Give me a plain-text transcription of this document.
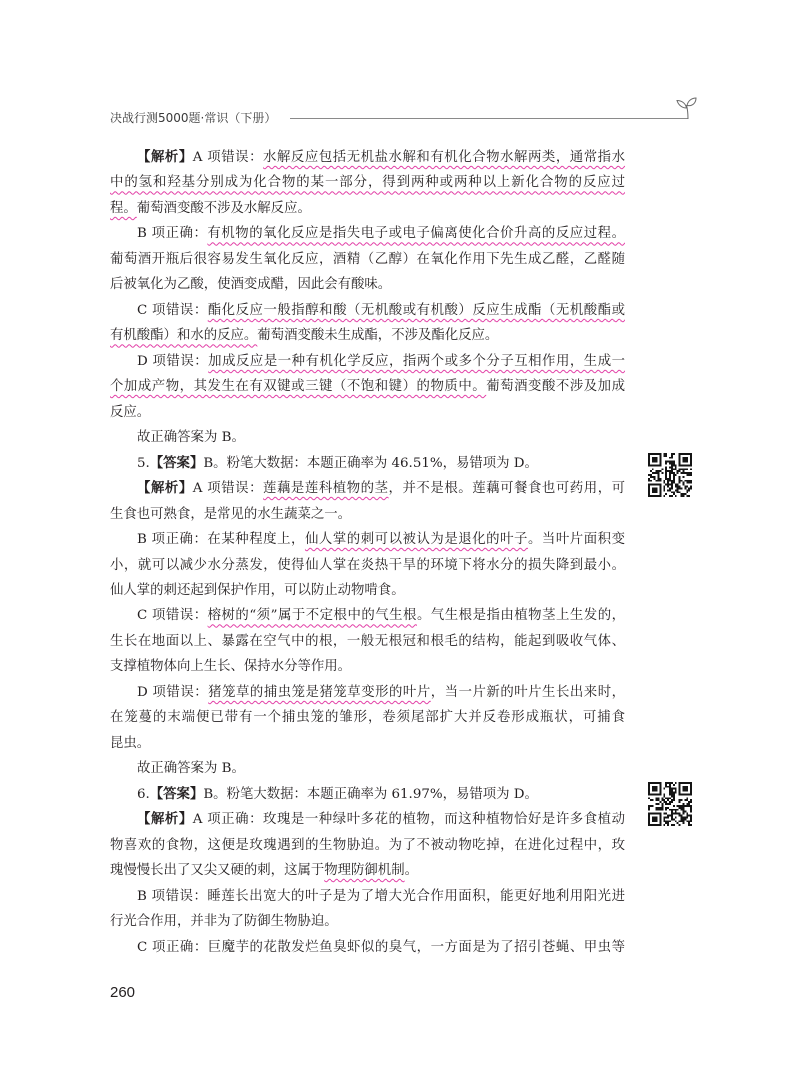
决战行测5000题·常识（下册）
【解析】A 项错误：水解反应包括无机盐水解和有机化合物水解两类，通常指水
中的氢和羟基分别成为化合物的某一部分，得到两种或两种以上新化合物的反应过
程。葡萄酒变酸不涉及水解反应。
B 项正确：有机物的氧化反应是指失电子或电子偏离使化合价升高的反应过程。
葡萄酒开瓶后很容易发生氧化反应，酒精（乙醇）在氧化作用下先生成乙醛，乙醛随
后被氧化为乙酸，使酒变成醋，因此会有酸味。
C 项错误：酯化反应一般指醇和酸（无机酸或有机酸）反应生成酯（无机酸酯或
有机酸酯）和水的反应。葡萄酒变酸未生成酯，不涉及酯化反应。
D 项错误：加成反应是一种有机化学反应，指两个或多个分子互相作用，生成一
个加成产物，其发生在有双键或三键（不饱和键）的物质中。葡萄酒变酸不涉及加成
反应。
故正确答案为 B。
5.【答案】B。粉笔大数据：本题正确率为 46.51%，易错项为 D。
【解析】A 项错误：莲藕是莲科植物的茎，并不是根。莲藕可餐食也可药用，可
生食也可熟食，是常见的水生蔬菜之一。
B 项正确：在某种程度上，仙人掌的刺可以被认为是退化的叶子。当叶片面积变
小，就可以减少水分蒸发，使得仙人掌在炎热干旱的环境下将水分的损失降到最小。
仙人掌的刺还起到保护作用，可以防止动物啃食。
C 项错误：榕树的“须”属于不定根中的气生根。气生根是指由植物茎上生发的，
生长在地面以上、暴露在空气中的根，一般无根冠和根毛的结构，能起到吸收气体、
支撑植物体向上生长、保持水分等作用。
D 项错误：猪笼草的捕虫笼是猪笼草变形的叶片，当一片新的叶片生长出来时，
在笼蔓的末端便已带有一个捕虫笼的雏形，卷须尾部扩大并反卷形成瓶状，可捕食
昆虫。
故正确答案为 B。
6.【答案】B。粉笔大数据：本题正确率为 61.97%，易错项为 D。
【解析】A 项正确：玫瑰是一种绿叶多花的植物，而这种植物恰好是许多食植动
物喜欢的食物，这便是玫瑰遇到的生物胁迫。为了不被动物吃掉，在进化过程中，玫
瑰慢慢长出了又尖又硬的刺，这属于物理防御机制。
B 项错误：睡莲长出宽大的叶子是为了增大光合作用面积，能更好地利用阳光进
行光合作用，并非为了防御生物胁迫。
C 项正确：巨魔芋的花散发烂鱼臭虾似的臭气，一方面是为了招引苍蝇、甲虫等
260
